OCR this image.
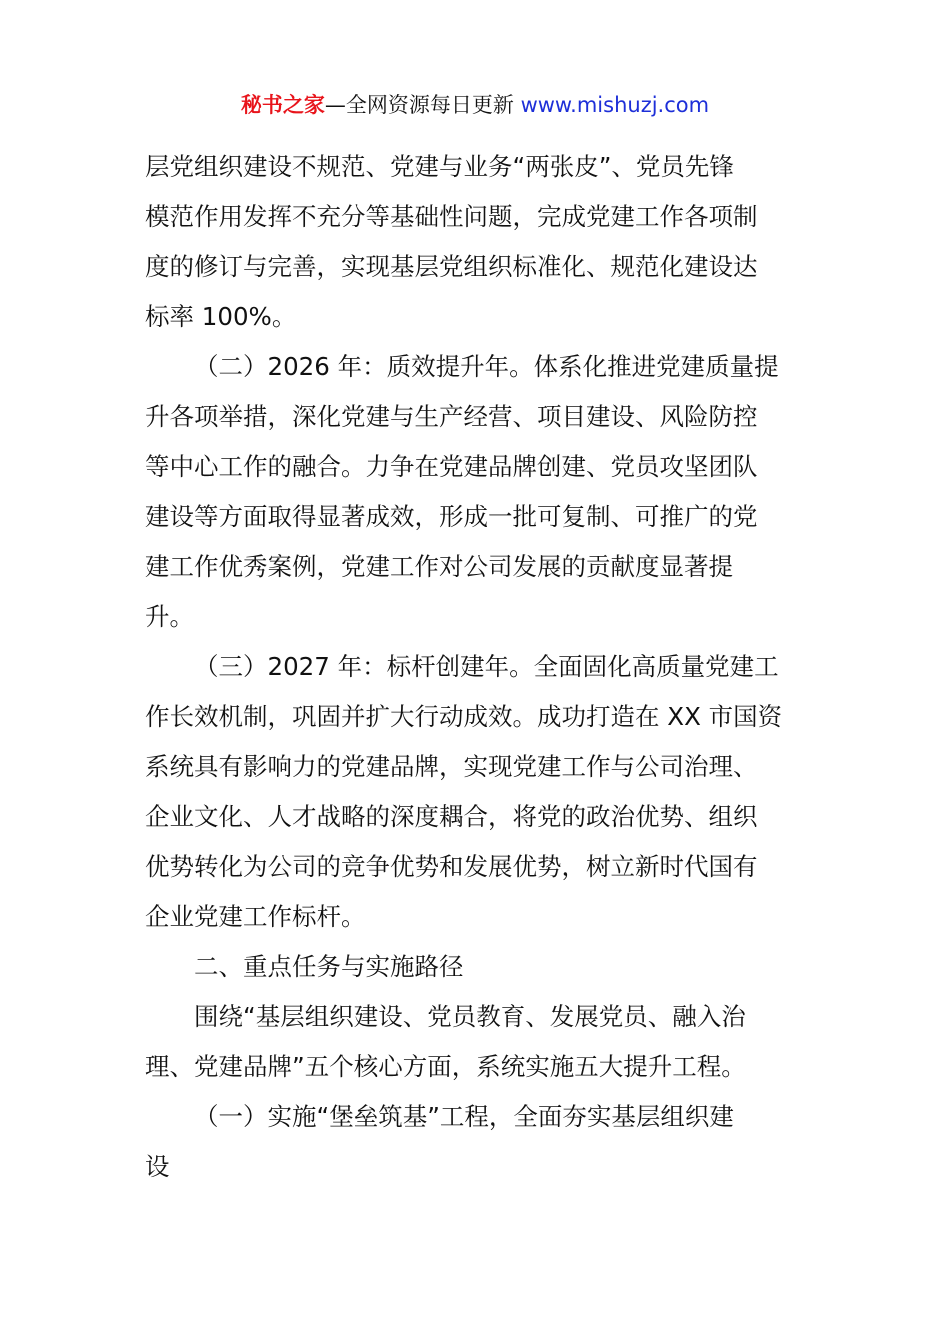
秘书之家—全网资源每日更新 www.mishuzj.com
层党组织建设不规范、党建与业务“两张皮”、党员先锋
模范作用发挥不充分等基础性问题，完成党建工作各项制
度的修订与完善，实现基层党组织标准化、规范化建设达
标率 100%。
（二）2026 年：质效提升年。体系化推进党建质量提
升各项举措，深化党建与生产经营、项目建设、风险防控
等中心工作的融合。力争在党建品牌创建、党员攻坚团队
建设等方面取得显著成效，形成一批可复制、可推广的党
建工作优秀案例，党建工作对公司发展的贡献度显著提
升。
（三）2027 年：标杆创建年。全面固化高质量党建工
作长效机制，巩固并扩大行动成效。成功打造在 XX 市国资
系统具有影响力的党建品牌，实现党建工作与公司治理、
企业文化、人才战略的深度耦合，将党的政治优势、组织
优势转化为公司的竞争优势和发展优势，树立新时代国有
企业党建工作标杆。
二、重点任务与实施路径
围绕“基层组织建设、党员教育、发展党员、融入治
理、党建品牌”五个核心方面，系统实施五大提升工程。
（一）实施“堡垒筑基”工程，全面夯实基层组织建
设
